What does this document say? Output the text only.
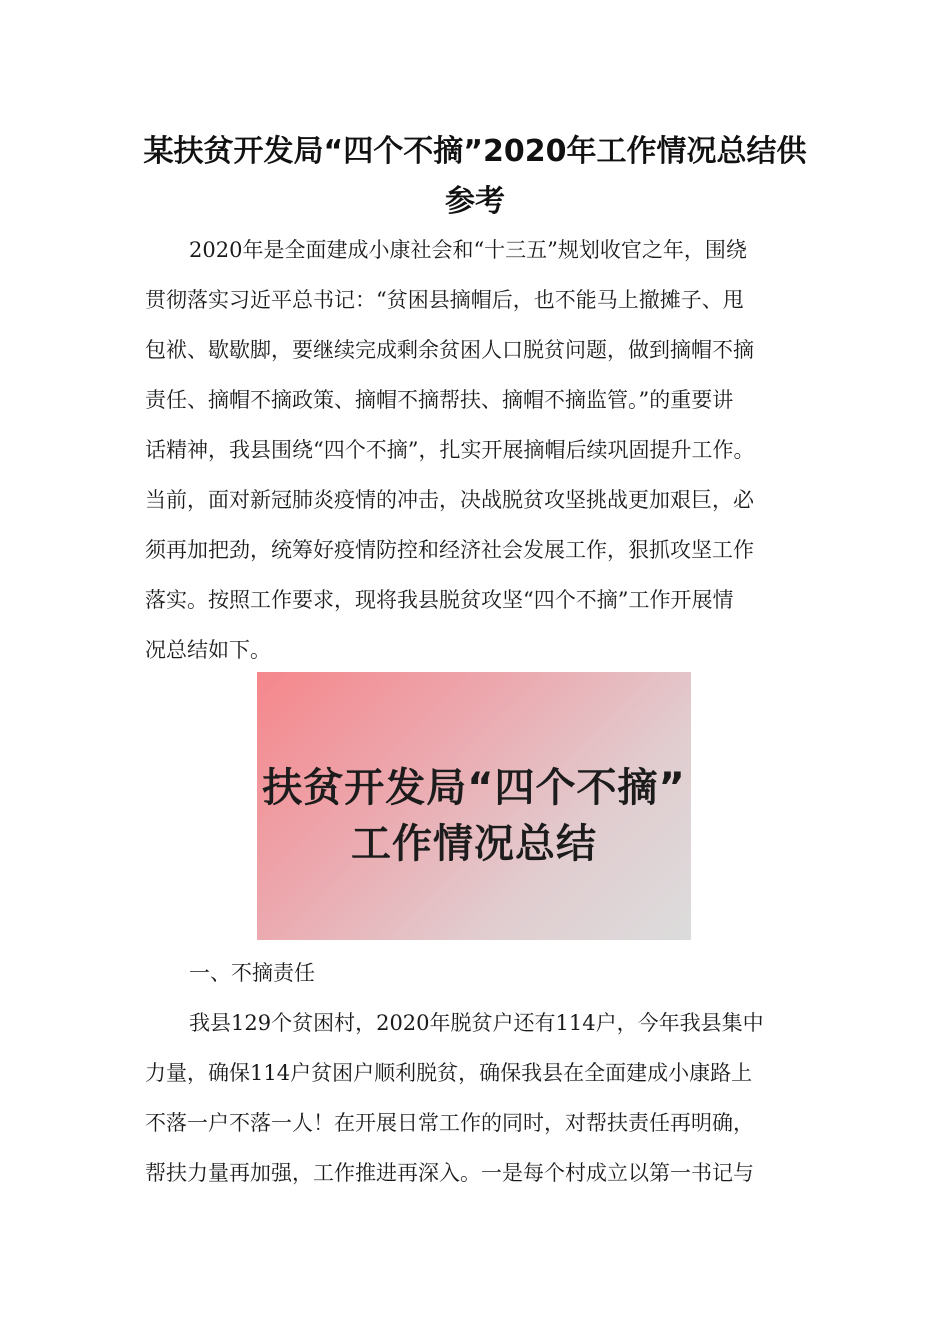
某扶贫开发局“四个不摘”2020年工作情况总结供
参考
2020年是全面建成小康社会和“十三五”规划收官之年，围绕
贯彻落实习近平总书记：“贫困县摘帽后，也不能马上撤摊子、甩
包袱、歇歇脚，要继续完成剩余贫困人口脱贫问题，做到摘帽不摘
责任、摘帽不摘政策、摘帽不摘帮扶、摘帽不摘监管。”的重要讲
话精神，我县围绕“四个不摘”，扎实开展摘帽后续巩固提升工作。
当前，面对新冠肺炎疫情的冲击，决战脱贫攻坚挑战更加艰巨，必
须再加把劲，统筹好疫情防控和经济社会发展工作，狠抓攻坚工作
落实。按照工作要求，现将我县脱贫攻坚“四个不摘”工作开展情
况总结如下。
扶贫开发局“四个不摘”
工作情况总结
一、不摘责任
我县129个贫困村，2020年脱贫户还有114户，今年我县集中
力量，确保114户贫困户顺利脱贫，确保我县在全面建成小康路上
不落一户不落一人！在开展日常工作的同时，对帮扶责任再明确，
帮扶力量再加强，工作推进再深入。一是每个村成立以第一书记与
